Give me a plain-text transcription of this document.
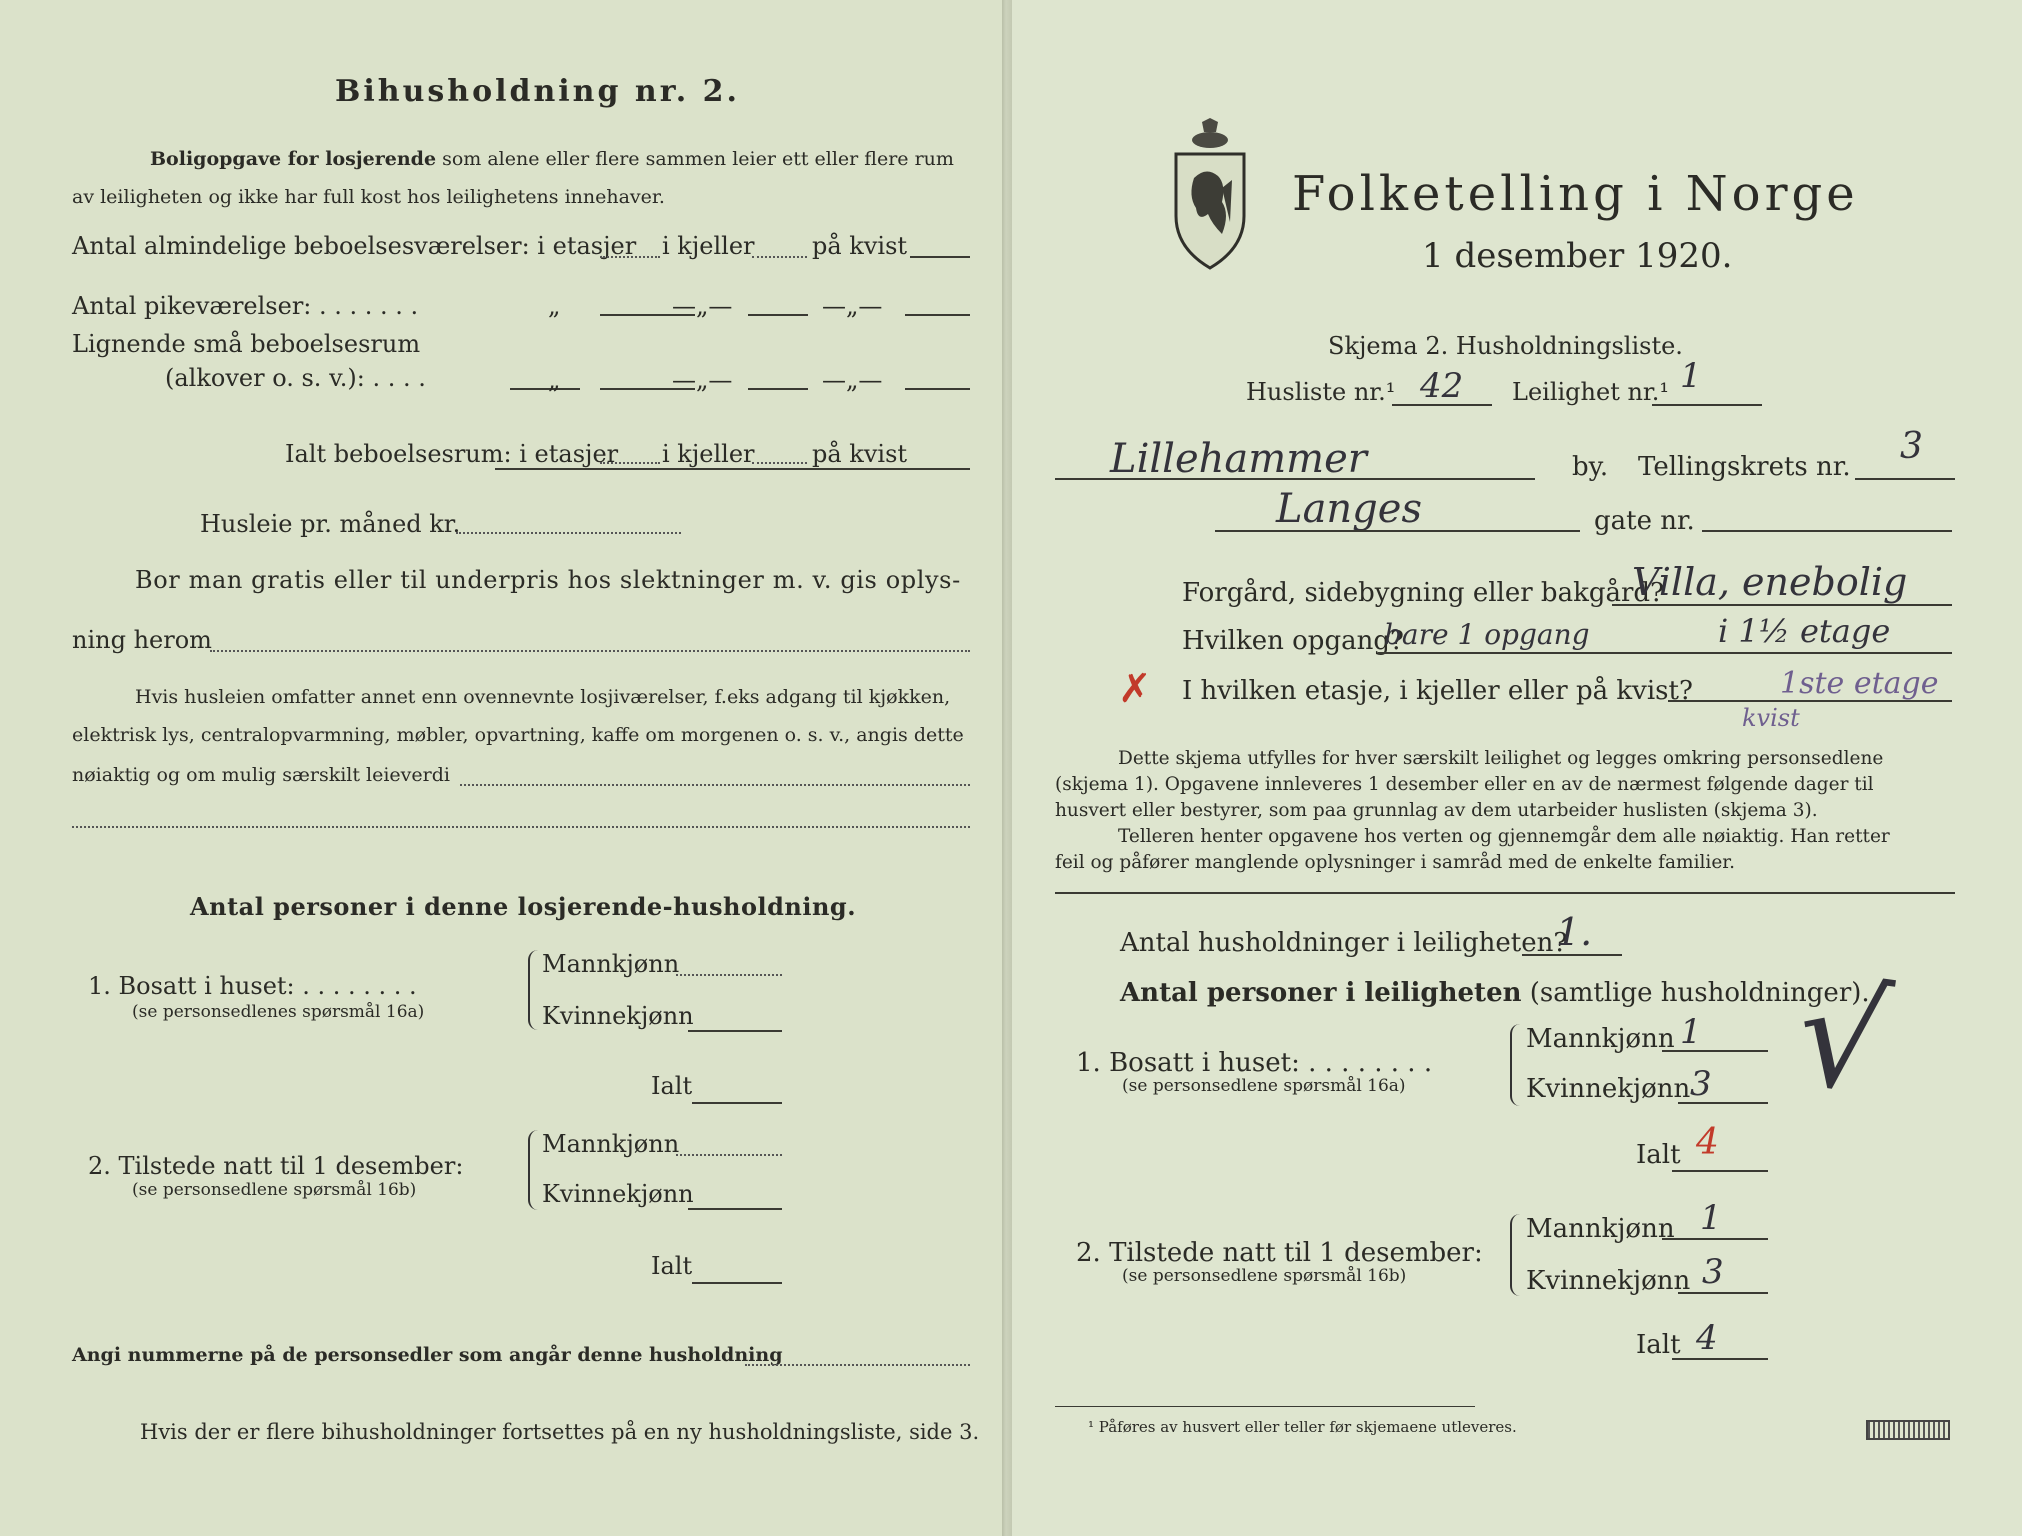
Bihusholdning nr. 2.
Boligopgave for losjerende som alene eller flere sammen leier ett eller flere rum
av leiligheten og ikke har full kost hos leilighetens innehaver.
Antal almindelige beboelsesværelser: i etasjer i kjeller på kvist
Antal pikeværelser: . . . . . . .	„	—„—	—„—
Lignende små beboelsesrum
(alkover o. s. v.): . . . .	„	—„—	—„—
Ialt beboelsesrum: i etasjer i kjeller på kvist
Husleie pr. måned kr.
Bor man gratis eller til underpris hos slektninger m. v. gis oplys-
ning herom
Hvis husleien omfatter annet enn ovennevnte losjiværelser, f.eks adgang til kjøkken,
elektrisk lys, centralopvarmning, møbler, opvartning, kaffe om morgenen o. s. v., angis dette
nøiaktig og om mulig særskilt leieverdi
Antal personer i denne losjerende-husholdning.
1. Bosatt i huset: . . . . . . . .
(se personsedlenes spørsmål 16a)
Mannkjønn
Kvinnekjønn
Ialt
2. Tilstede natt til 1 desember:
(se personsedlene spørsmål 16b)
Mannkjønn
Kvinnekjønn
Ialt
Angi nummerne på de personsedler som angår denne husholdning
Hvis der er flere bihusholdninger fortsettes på en ny husholdningsliste, side 3.
Folketelling i Norge
1 desember 1920.
Skjema 2. Husholdningsliste.
Husliste nr.¹ 42 Leilighet nr.¹ 1
Lillehammer	by. Tellingskrets nr. 3
Langes	gate nr.
Forgård, sidebygning eller bakgård?
Villa, enebolig
Hvilken opgang?
bare 1 opgang	i 1½ etage
✗ I hvilken etasje, i kjeller eller på kvist?	1ste etage
kvist
Dette skjema utfylles for hver særskilt leilighet og legges omkring personsedlene
(skjema 1). Opgavene innleveres 1 desember eller en av de nærmest følgende dager til
husvert eller bestyrer, som paa grunnlag av dem utarbeider huslisten (skjema 3).
Telleren henter opgavene hos verten og gjennemgår dem alle nøiaktig. Han retter
feil og påfører manglende oplysninger i samråd med de enkelte familier.
Antal husholdninger i leiligheten?
1.
Antal personer i leiligheten (samtlige husholdninger).
1. Bosatt i huset: . . . . . . . .
(se personsedlene spørsmål 16a)
Mannkjønn 1
Kvinnekjønn 3
Ialt 4
√
2. Tilstede natt til 1 desember:
(se personsedlene spørsmål 16b)
Mannkjønn 1
Kvinnekjønn 3
Ialt 4
¹ Påføres av husvert eller teller før skjemaene utleveres.
